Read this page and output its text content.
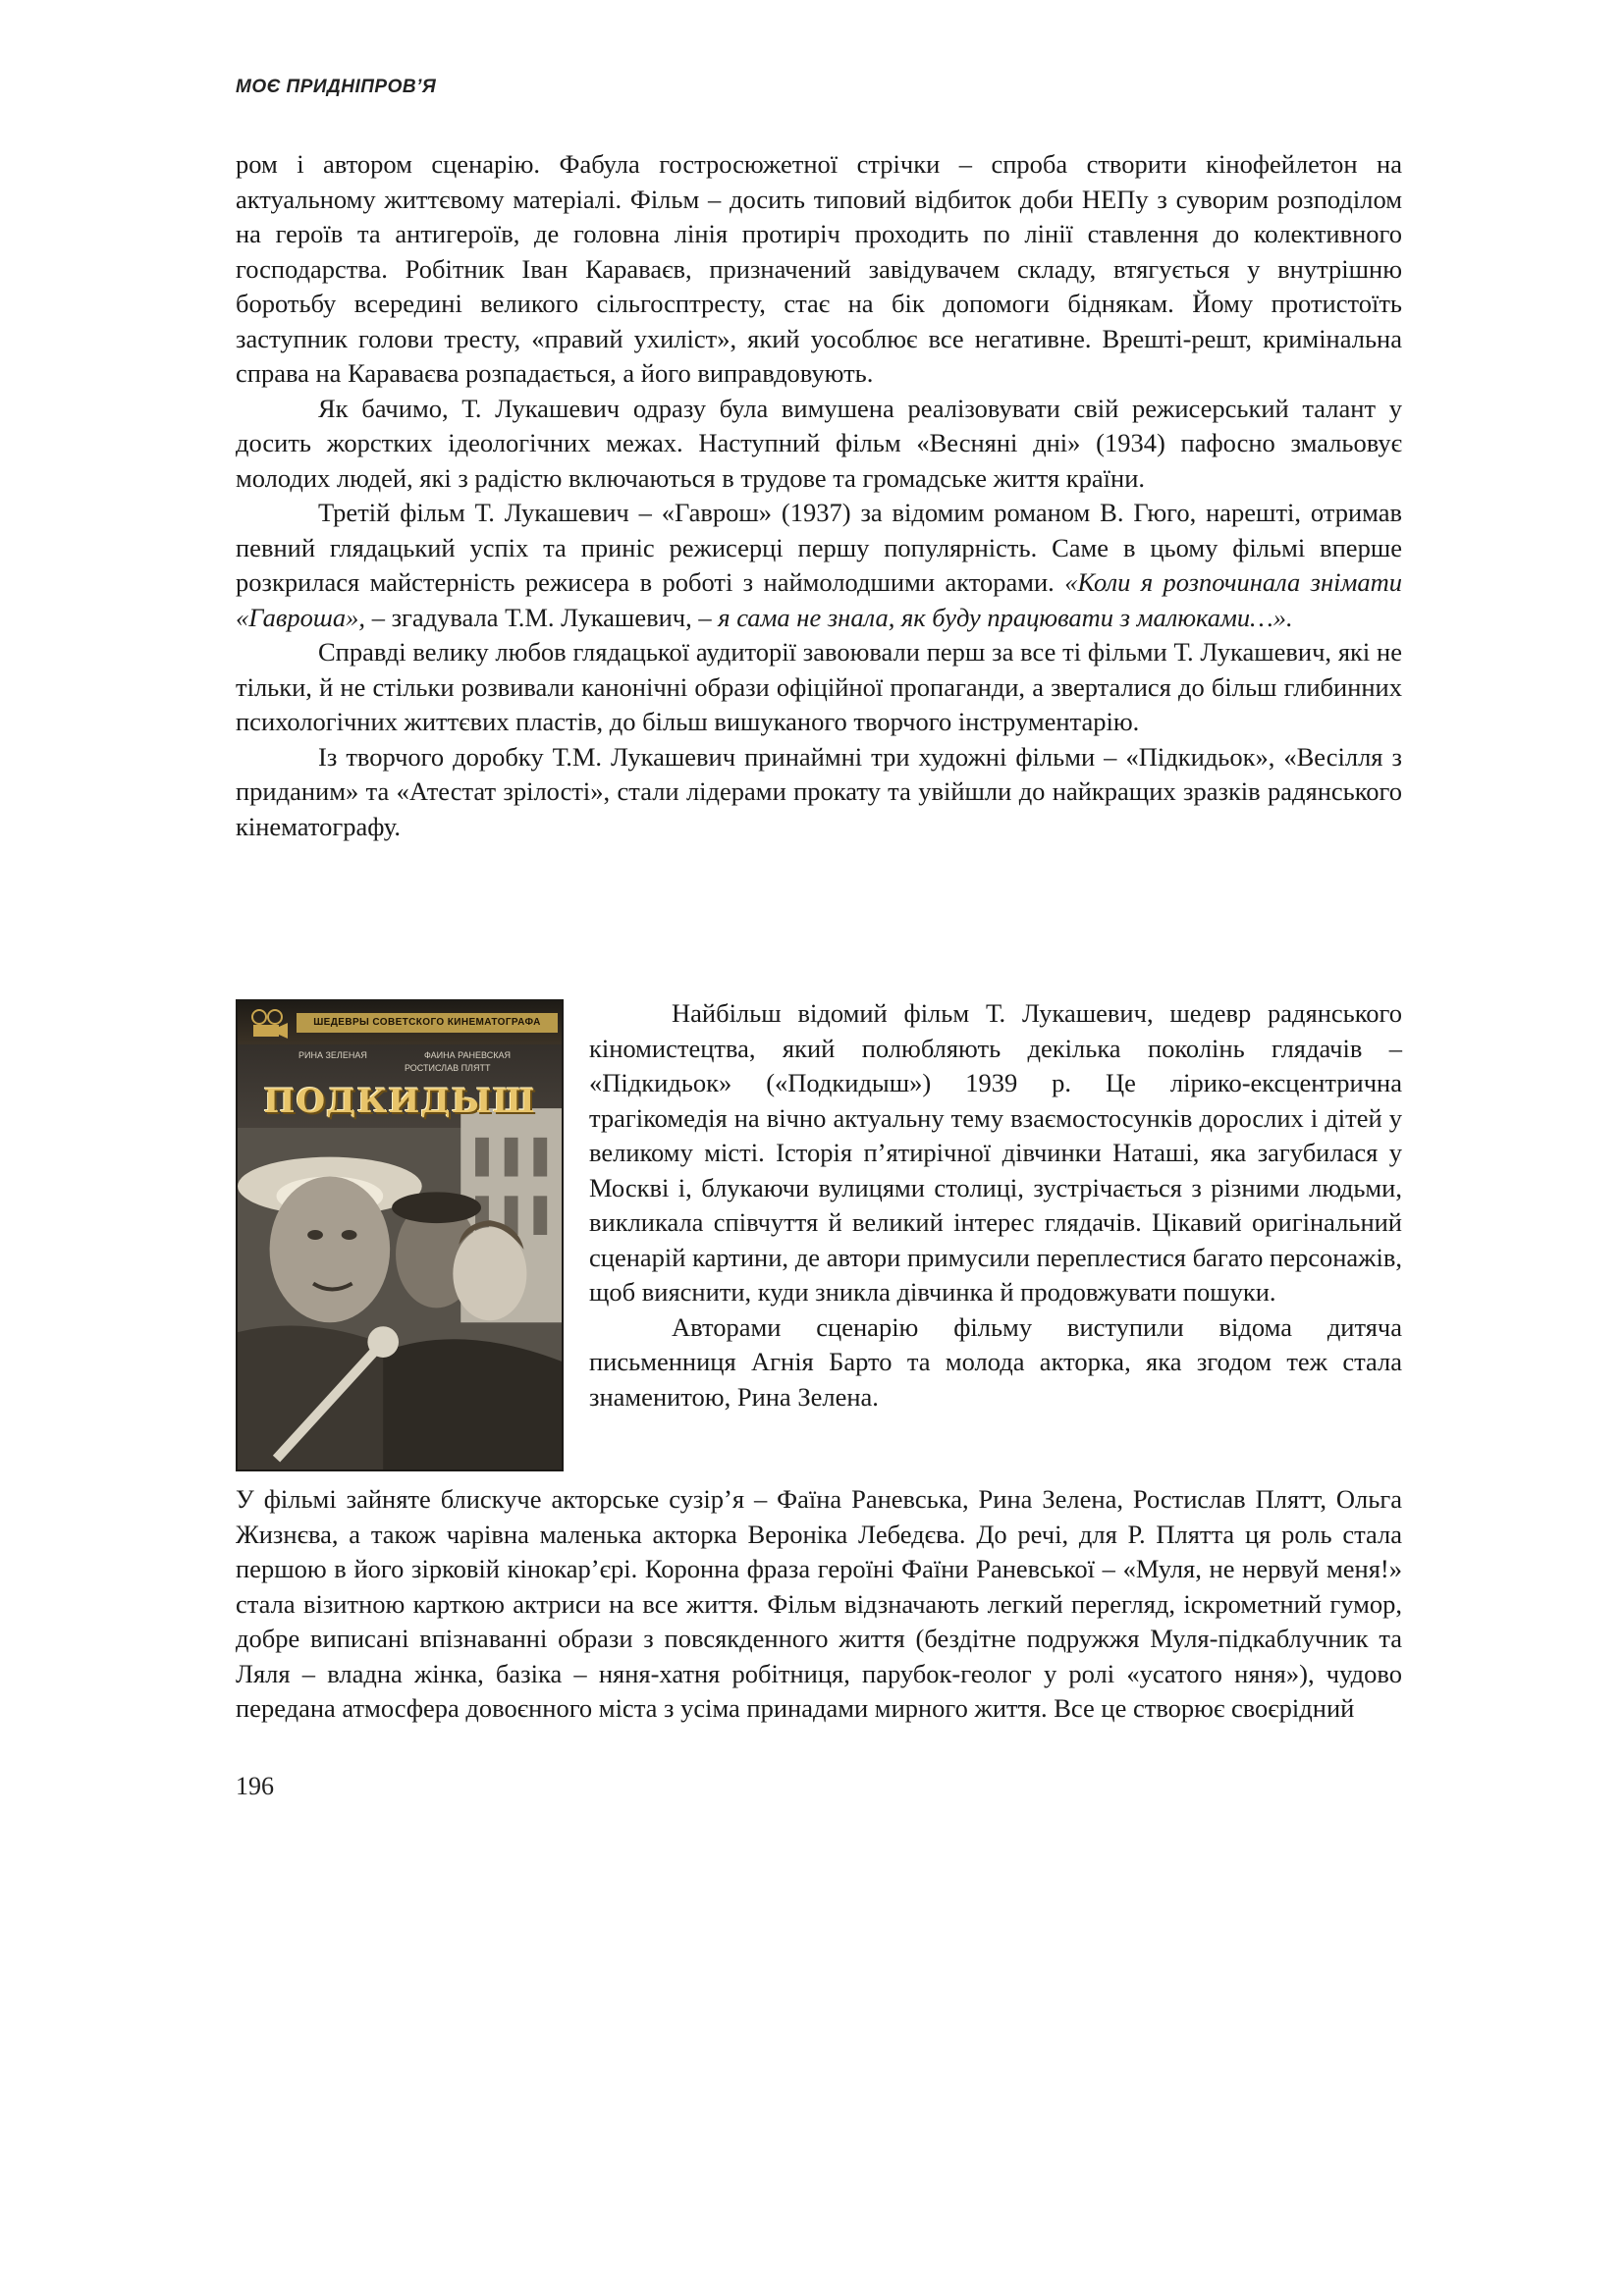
МОЄ ПРИДНІПРОВ’Я

ром і автором сценарію. Фабула гостросюжетної стрічки – спроба створити кінофейлетон на актуальному життєвому матеріалі. Фільм – досить типовий відбиток доби НЕПу з суворим розподілом на героїв та антигероїв, де головна лінія протиріч проходить по лінії ставлення до колективного господарства. Робітник Іван Караваєв, призначений завідувачем складу, втягується у внутрішню боротьбу всередині великого сільгосптресту, стає на бік допомоги біднякам. Йому протистоїть заступник голови тресту, «правий ухиліст», який уособлює все негативне. Врешті-решт, кримінальна справа на Караваєва розпадається, а його виправдовують.

Як бачимо, Т. Лукашевич одразу була вимушена реалізовувати свій режисерський талант у досить жорстких ідеологічних межах. Наступний фільм «Весняні дні» (1934) пафосно змальовує молодих людей, які з радістю включаються в трудове та громадське життя країни.

Третій фільм Т. Лукашевич – «Гаврош» (1937) за відомим романом В. Гюго, нарешті, отримав певний глядацький успіх та приніс режисерці першу популярність. Саме в цьому фільмі вперше розкрилася майстерність режисера в роботі з наймолодшими акторами. «Коли я розпочинала знімати «Гавроша», – згадувала Т.М. Лукашевич, – я сама не знала, як буду працювати з малюками…».

Справді велику любов глядацької аудиторії завоювали перш за все ті фільми Т. Лукашевич, які не тільки, й не стільки розвивали канонічні образи офіційної пропаганди, а зверталися до більш глибинних психологічних життєвих пластів, до більш вишуканого творчого інструментарію.

Із творчого доробку Т.М. Лукашевич принаймні три художні фільми – «Підкидьок», «Весілля з приданим» та «Атестат зрілості», стали лідерами прокату та увійшли до найкращих зразків радянського кінематографу.

ШЕДЕВРЫ СОВЕТСКОГО КИНЕМАТОГРАФА
РИНА ЗЕЛЕНАЯ	ФАИНА РАНЕВСКАЯ
РОСТИСЛАВ ПЛЯТТ
ПОДКИДЫШ

Найбільш відомий фільм Т. Лукашевич, шедевр радянського кіномистецтва, який полюбляють декілька поколінь глядачів – «Підкидьок» («Подкидыш») 1939 р. Це лірико-ексцентрична трагікомедія на вічно актуальну тему взаємостосунків дорослих і дітей у великому місті. Історія п’ятирічної дівчинки Наташі, яка загубилася у Москві і, блукаючи вулицями столиці, зустрічається з різними людьми, викликала співчуття й великий інтерес глядачів. Цікавий оригінальний сценарій картини, де автори примусили переплестися багато персонажів, щоб вияснити, куди зникла дівчинка й продовжувати пошуки.

Авторами сценарію фільму виступили відома дитяча письменниця Агнія Барто та молода акторка, яка згодом теж стала знаменитою, Рина Зелена.

У фільмі зайняте блискуче акторське сузір’я – Фаїна Раневська, Рина Зелена, Ростислав Плятт, Ольга Жизнєва, а також чарівна маленька акторка Вероніка Лебедєва. До речі, для Р. Плятта ця роль стала першою в його зірковій кінокар’єрі. Коронна фраза героїні Фаїни Раневської – «Муля, не нервуй меня!» стала візитною карткою актриси на все життя. Фільм відзначають легкий перегляд, іскрометний гумор, добре виписані впізнаванні образи з повсякденного життя (бездітне подружжя Муля-підкаблучник та Ляля – владна жінка, базіка – няня-хатня робітниця, парубок-геолог у ролі «усатого няня»), чудово передана атмосфера довоєнного міста з усіма принадами мирного життя. Все це створює своєрідний

196
